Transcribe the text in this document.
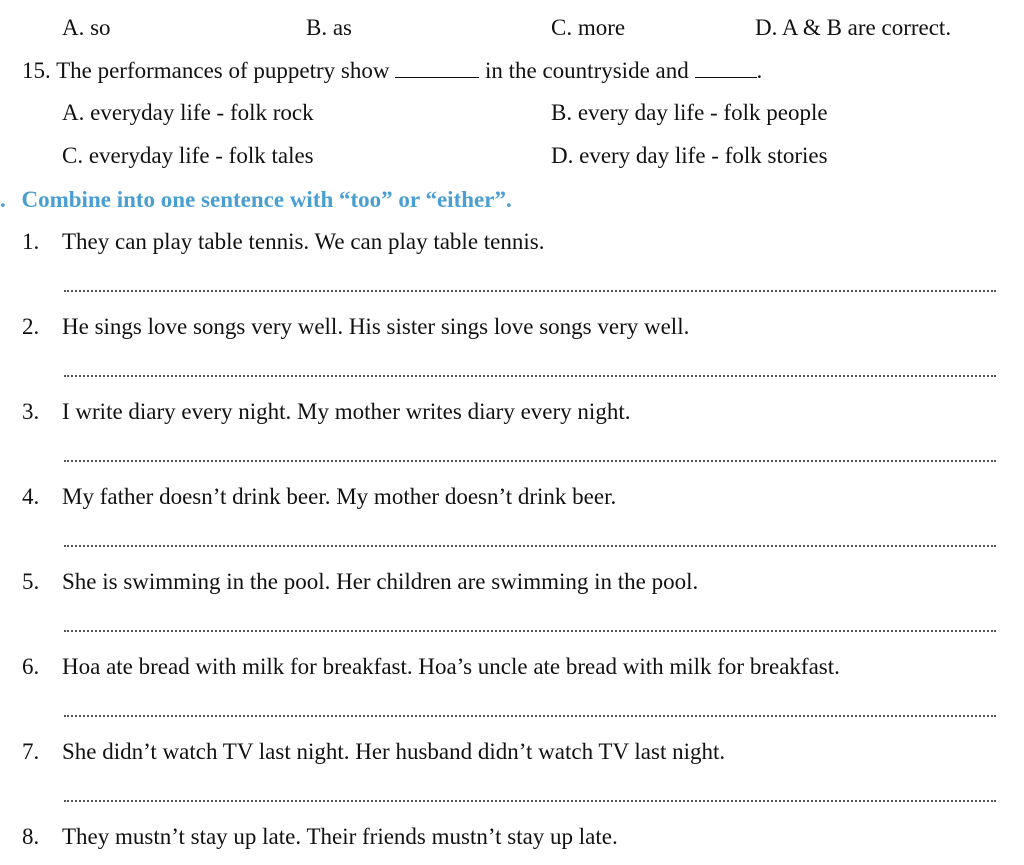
A. so	B. as	C. more	D. A & B are correct.
15. The performances of puppetry show	in the countryside and	.
A. everyday life - folk rock	B. every day life - folk people
C. everyday life - folk tales	D. every day life - folk stories
. Combine into one sentence with “too” or “either”.
1. They can play table tennis. We can play table tennis.
2. He sings love songs very well. His sister sings love songs very well.
3. I write diary every night. My mother writes diary every night.
4. My father doesn’t drink beer. My mother doesn’t drink beer.
5. She is swimming in the pool. Her children are swimming in the pool.
6. Hoa ate bread with milk for breakfast. Hoa’s uncle ate bread with milk for breakfast.
7. She didn’t watch TV last night. Her husband didn’t watch TV last night.
8. They mustn’t stay up late. Their friends mustn’t stay up late.
